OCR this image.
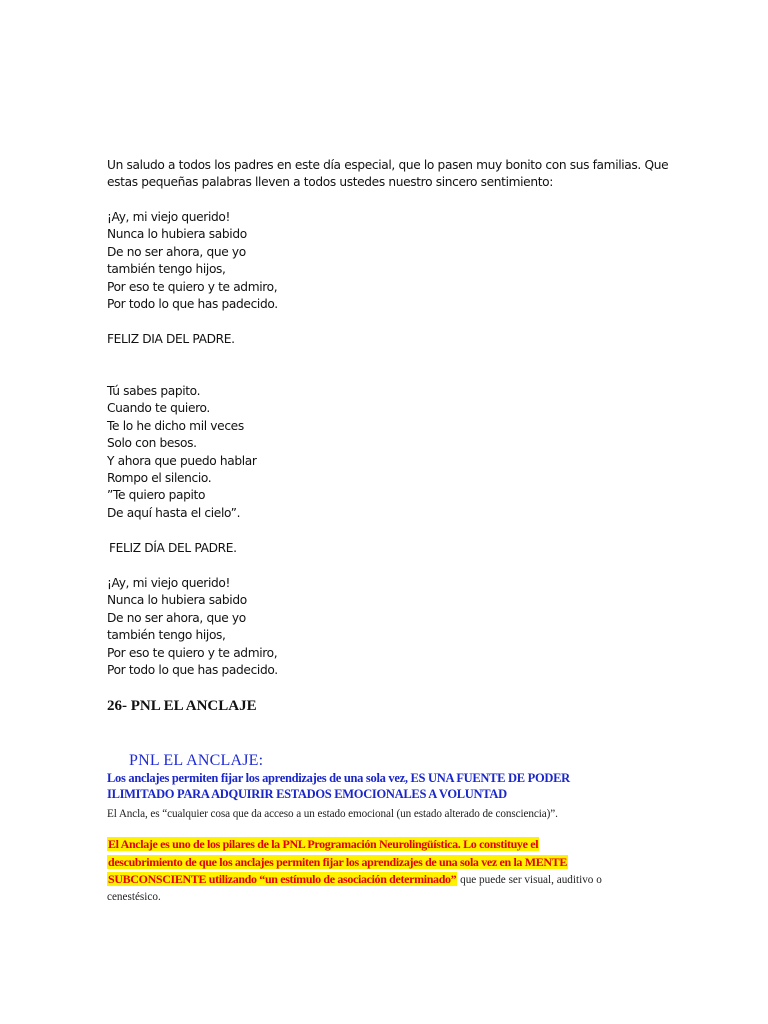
Un saludo a todos los padres en este día especial, que lo pasen muy bonito con sus familias. Que
estas pequeñas palabras lleven a todos ustedes nuestro sincero sentimiento:
¡Ay, mi viejo querido!
Nunca lo hubiera sabido
De no ser ahora, que yo
también tengo hijos,
Por eso te quiero y te admiro,
Por todo lo que has padecido.
FELIZ DIA DEL PADRE.
Tú sabes papito.
Cuando te quiero.
Te lo he dicho mil veces
Solo con besos.
Y ahora que puedo hablar
Rompo el silencio.
”Te quiero papito
De aquí hasta el cielo”.
FELIZ DÍA DEL PADRE.
¡Ay, mi viejo querido!
Nunca lo hubiera sabido
De no ser ahora, que yo
también tengo hijos,
Por eso te quiero y te admiro,
Por todo lo que has padecido.
26- PNL EL ANCLAJE
PNL EL ANCLAJE:
Los anclajes permiten fijar los aprendizajes de una sola vez, ES UNA FUENTE DE PODER
ILIMITADO PARA ADQUIRIR ESTADOS EMOCIONALES A VOLUNTAD
El Ancla, es “cualquier cosa que da acceso a un estado emocional (un estado alterado de consciencia)”.
El Anclaje es uno de los pilares de la PNL Programación Neurolingüística. Lo constituye el
descubrimiento de que los anclajes permiten fijar los aprendizajes de una sola vez en la MENTE
SUBCONSCIENTE utilizando “un estímulo de asociación determinado” que puede ser visual, auditivo o
cenestésico.
